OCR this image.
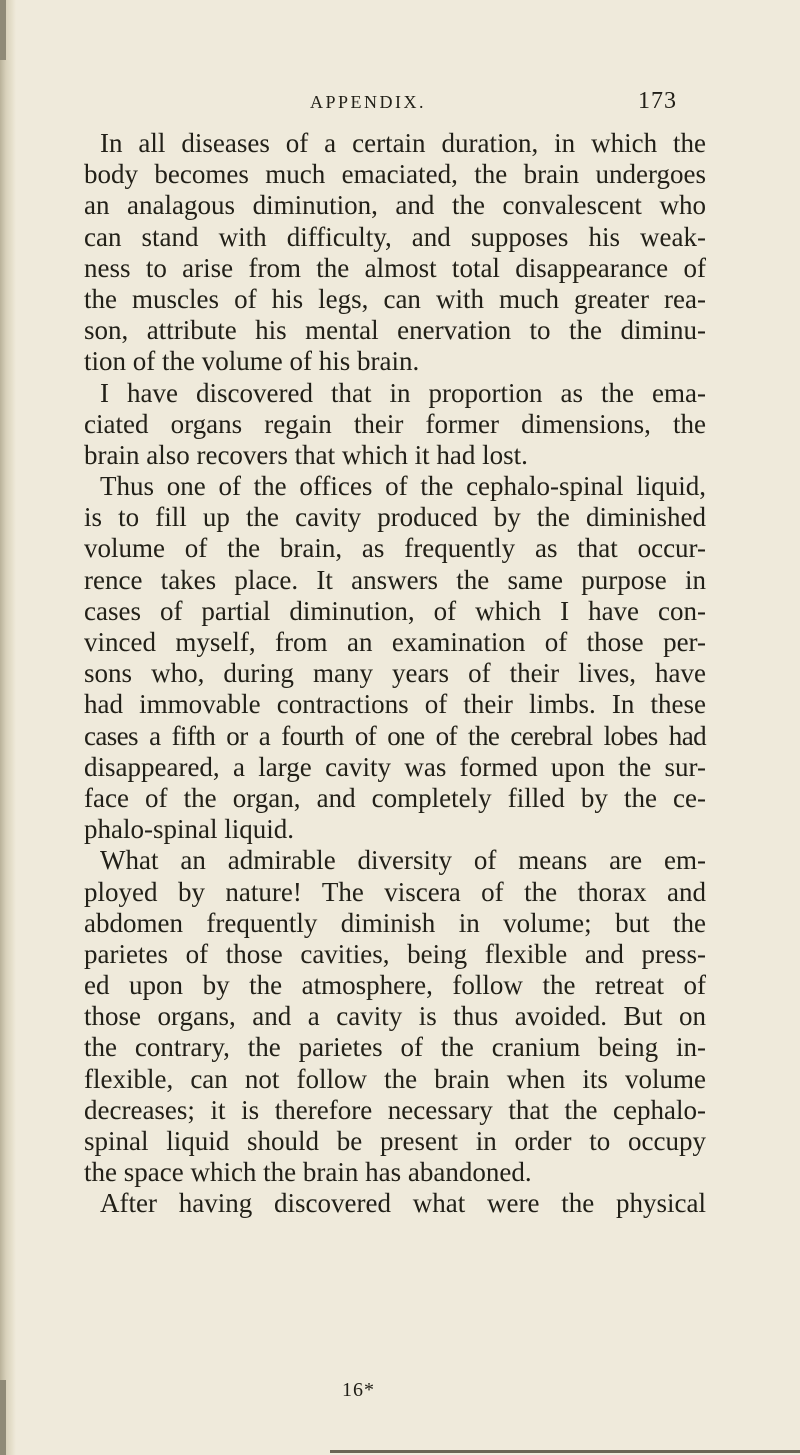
APPENDIX.	173
In all diseases of a certain duration, in which the
body becomes much emaciated, the brain undergoes
an analagous diminution, and the convalescent who
can stand with difficulty, and supposes his weak-
ness to arise from the almost total disappearance of
the muscles of his legs, can with much greater rea-
son, attribute his mental enervation to the diminu-
tion of the volume of his brain.
I have discovered that in proportion as the ema-
ciated organs regain their former dimensions, the
brain also recovers that which it had lost.
Thus one of the offices of the cephalo-spinal liquid,
is to fill up the cavity produced by the diminished
volume of the brain, as frequently as that occur-
rence takes place. It answers the same purpose in
cases of partial diminution, of which I have con-
vinced myself, from an examination of those per-
sons who, during many years of their lives, have
had immovable contractions of their limbs. In these
cases a fifth or a fourth of one of the cerebral lobes had
disappeared, a large cavity was formed upon the sur-
face of the organ, and completely filled by the ce-
phalo-spinal liquid.
What an admirable diversity of means are em-
ployed by nature! The viscera of the thorax and
abdomen frequently diminish in volume; but the
parietes of those cavities, being flexible and press-
ed upon by the atmosphere, follow the retreat of
those organs, and a cavity is thus avoided. But on
the contrary, the parietes of the cranium being in-
flexible, can not follow the brain when its volume
decreases; it is therefore necessary that the cephalo-
spinal liquid should be present in order to occupy
the space which the brain has abandoned.
After having discovered what were the physical
16*
